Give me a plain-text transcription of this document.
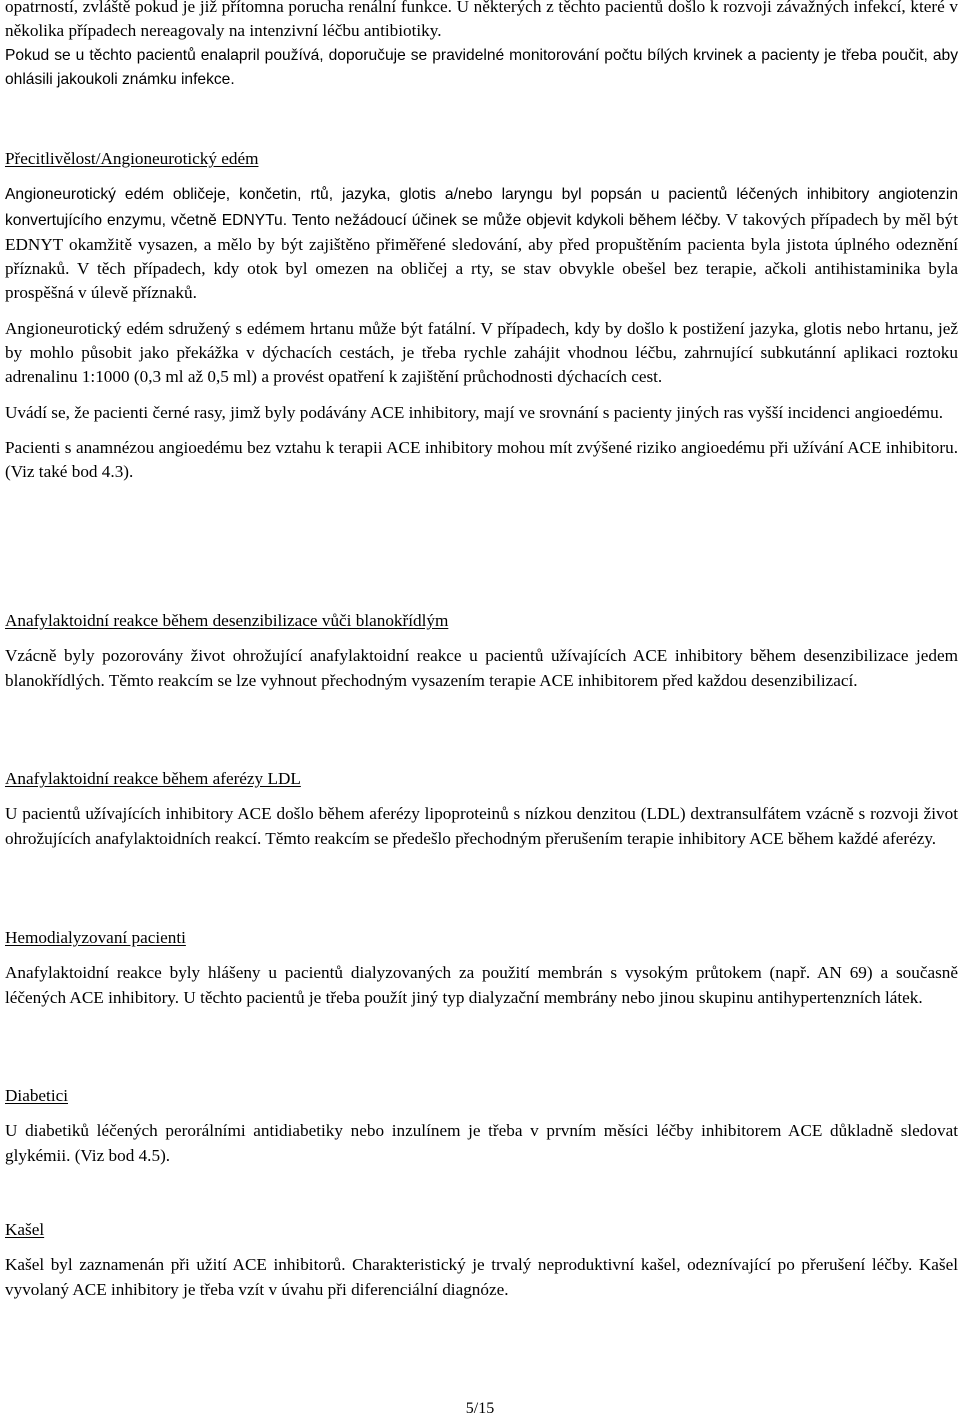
opatrností, zvláště pokud je již přítomna porucha renální funkce. U některých z těchto pacientů došlo k rozvoji závažných infekcí, které v několika případech nereagovaly na intenzivní léčbu antibiotiky.

Pokud se u těchto pacientů enalapril používá, doporučuje se pravidelné monitorování počtu bílých krvinek a pacienty je třeba poučit, aby ohlásili jakoukoli známku infekce.

Přecitlivělost/Angioneurotický edém

Angioneurotický edém obličeje, končetin, rtů, jazyka, glotis a/nebo laryngu byl popsán u pacientů léčených inhibitory angiotenzin konvertujícího enzymu, včetně EDNYTu. Tento nežádoucí účinek se může objevit kdykoli během léčby. V takových případech by měl být EDNYT okamžitě vysazen, a mělo by být zajištěno přiměřené sledování, aby před propuštěním pacienta byla jistota úplného odeznění příznaků. V těch případech, kdy otok byl omezen na obličej a rty, se stav obvykle obešel bez terapie, ačkoli antihistaminika byla prospěšná v úlevě příznaků.

Angioneurotický edém sdružený s edémem hrtanu může být fatální. V případech, kdy by došlo k postižení jazyka, glotis nebo hrtanu, jež by mohlo působit jako překážka v dýchacích cestách, je třeba rychle zahájit vhodnou léčbu, zahrnující subkutánní aplikaci roztoku adrenalinu 1:1000 (0,3 ml až 0,5 ml) a provést opatření k zajištění průchodnosti dýchacích cest.

Uvádí se, že pacienti černé rasy, jimž byly podávány ACE inhibitory, mají ve srovnání s pacienty jiných ras vyšší incidenci angioedému.

Pacienti s anamnézou angioedému bez vztahu k terapii ACE inhibitory mohou mít zvýšené riziko angioedému při užívání ACE inhibitoru. (Viz také bod 4.3).

Anafylaktoidní reakce během desenzibilizace vůči blanokřídlým

Vzácně byly pozorovány život ohrožující anafylaktoidní reakce u pacientů užívajících ACE inhibitory během desenzibilizace jedem blanokřídlých. Těmto reakcím se lze vyhnout přechodným vysazením terapie ACE inhibitorem před každou desenzibilizací.

Anafylaktoidní reakce během aferézy LDL

U pacientů užívajících inhibitory ACE došlo během aferézy lipoproteinů s nízkou denzitou (LDL) dextransulfátem vzácně s rozvoji život ohrožujících anafylaktoidních reakcí. Těmto reakcím se předešlo přechodným přerušením terapie inhibitory ACE během každé aferézy.

Hemodialyzovaní pacienti

Anafylaktoidní reakce byly hlášeny u pacientů dialyzovaných za použití membrán s vysokým průtokem (např. AN 69) a současně léčených ACE inhibitory. U těchto pacientů je třeba použít jiný typ dialyzační membrány nebo jinou skupinu antihypertenzních látek.

Diabetici

U diabetiků léčených perorálními antidiabetiky nebo inzulínem je třeba v prvním měsíci léčby inhibitorem ACE důkladně sledovat glykémii. (Viz bod 4.5).

Kašel

Kašel byl zaznamenán při užití ACE inhibitorů. Charakteristický je trvalý neproduktivní kašel, odeznívající po přerušení léčby. Kašel vyvolaný ACE inhibitory je třeba vzít v úvahu při diferenciální diagnóze.

5/15
